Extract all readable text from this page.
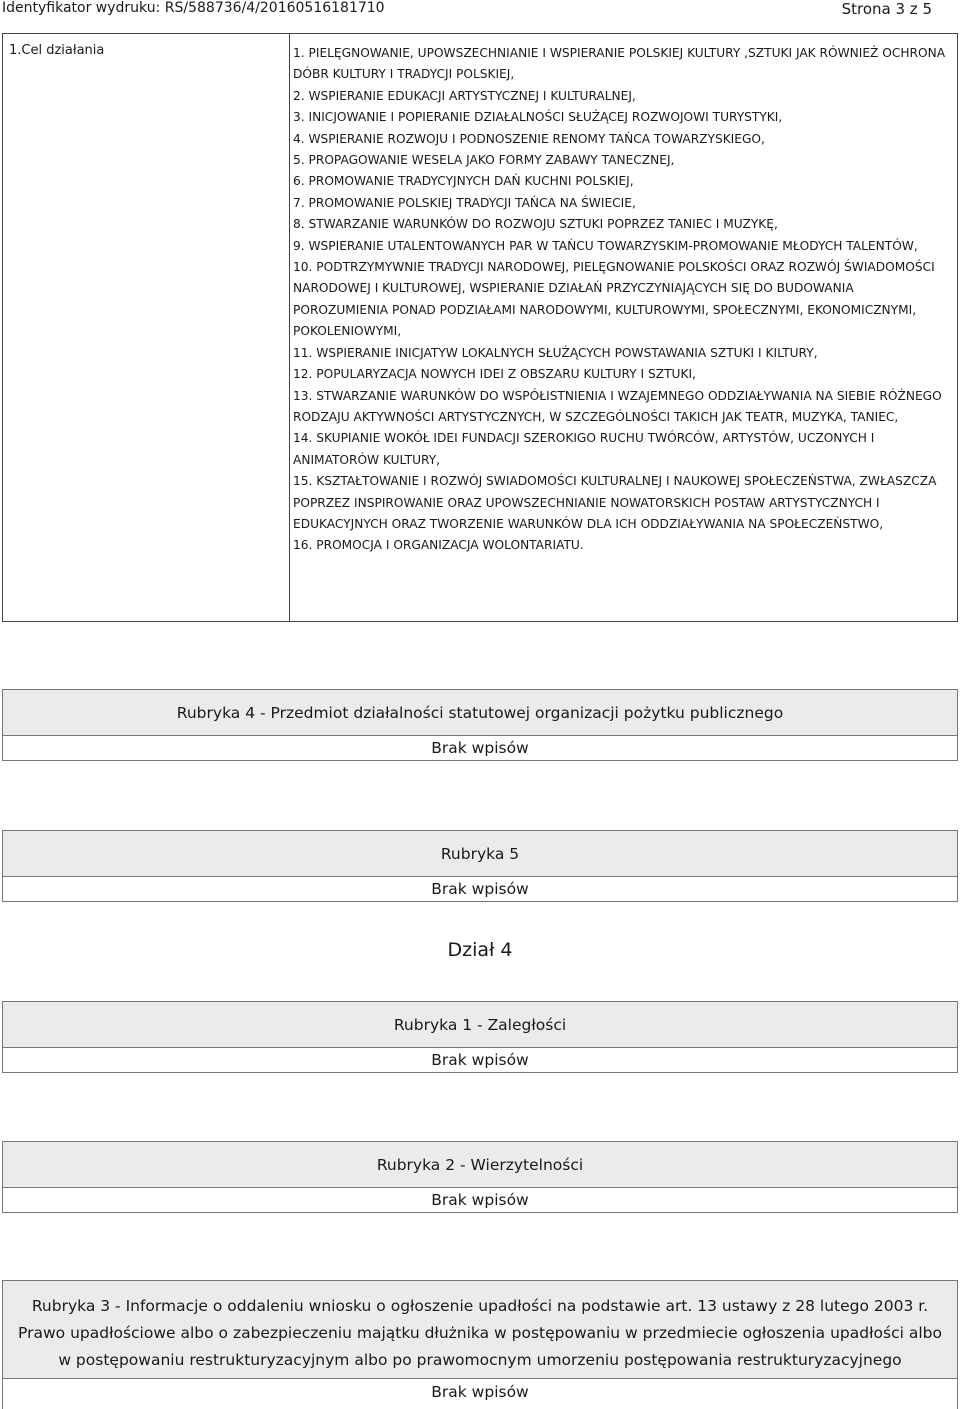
Identyfikator wydruku: RS/588736/4/20160516181710	Strona 3 z 5
1.Cel działania	1. PIELĘGNOWANIE, UPOWSZECHNIANIE I WSPIERANIE POLSKIEJ KULTURY ,SZTUKI JAK RÓWNIEŻ OCHRONA DÓBR KULTURY I TRADYCJI POLSKIEJ,
2. WSPIERANIE EDUKACJI ARTYSTYCZNEJ I KULTURALNEJ,
3. INICJOWANIE I POPIERANIE DZIAŁALNOŚCI SŁUŻĄCEJ ROZWOJOWI TURYSTYKI,
4. WSPIERANIE ROZWOJU I PODNOSZENIE RENOMY TAŃCA TOWARZYSKIEGO,
5. PROPAGOWANIE WESELA JAKO FORMY ZABAWY TANECZNEJ,
6. PROMOWANIE TRADYCYJNYCH DAŃ KUCHNI POLSKIEJ,
7. PROMOWANIE POLSKIEJ TRADYCJI TAŃCA NA ŚWIECIE,
8. STWARZANIE WARUNKÓW DO ROZWOJU SZTUKI POPRZEZ TANIEC I MUZYKĘ,
9. WSPIERANIE UTALENTOWANYCH PAR W TAŃCU TOWARZYSKIM-PROMOWANIE MŁODYCH TALENTÓW,
10. PODTRZYMYWNIE TRADYCJI NARODOWEJ, PIELĘGNOWANIE POLSKOŚCI ORAZ ROZWÓJ ŚWIADOMOŚCI NARODOWEJ I KULTUROWEJ, WSPIERANIE DZIAŁAŃ PRZYCZYNIAJĄCYCH SIĘ DO BUDOWANIA POROZUMIENIA PONAD PODZIAŁAMI NARODOWYMI, KULTUROWYMI, SPOŁECZNYMI, EKONOMICZNYMI, POKOLENIOWYMI,
11. WSPIERANIE INICJATYW LOKALNYCH SŁUŻĄCYCH POWSTAWANIA SZTUKI I KILTURY,
12. POPULARYZACJA NOWYCH IDEI Z OBSZARU KULTURY I SZTUKI,
13. STWARZANIE WARUNKÓW DO WSPÓŁISTNIENIA I WZAJEMNEGO ODDZIAŁYWANIA NA SIEBIE RÓŻNEGO RODZAJU AKTYWNOŚCI ARTYSTYCZNYCH, W SZCZEGÓLNOŚCI TAKICH JAK TEATR, MUZYKA, TANIEC,
14. SKUPIANIE WOKÓŁ IDEI FUNDACJI SZEROKIGO RUCHU TWÓRCÓW, ARTYSTÓW, UCZONYCH I ANIMATORÓW KULTURY,
15. KSZTAŁTOWANIE I ROZWÓJ SWIADOMOŚCI KULTURALNEJ I NAUKOWEJ SPOŁECZEŃSTWA, ZWŁASZCZA POPRZEZ INSPIROWANIE ORAZ UPOWSZECHNIANIE NOWATORSKICH POSTAW ARTYSTYCZNYCH I EDUKACYJNYCH ORAZ TWORZENIE WARUNKÓW DLA ICH ODDZIAŁYWANIA NA SPOŁECZEŃSTWO,
16. PROMOCJA I ORGANIZACJA WOLONTARIATU.
Rubryka 4 - Przedmiot działalności statutowej organizacji pożytku publicznego
Brak wpisów
Rubryka 5
Brak wpisów
Dział 4
Rubryka 1 - Zaległości
Brak wpisów
Rubryka 2 - Wierzytelności
Brak wpisów
Rubryka 3 - Informacje o oddaleniu wniosku o ogłoszenie upadłości na podstawie art. 13 ustawy z 28 lutego 2003 r. Prawo upadłościowe albo o zabezpieczeniu majątku dłużnika w postępowaniu w przedmiecie ogłoszenia upadłości albo w postępowaniu restrukturyzacyjnym albo po prawomocnym umorzeniu postępowania restrukturyzacyjnego
Brak wpisów
